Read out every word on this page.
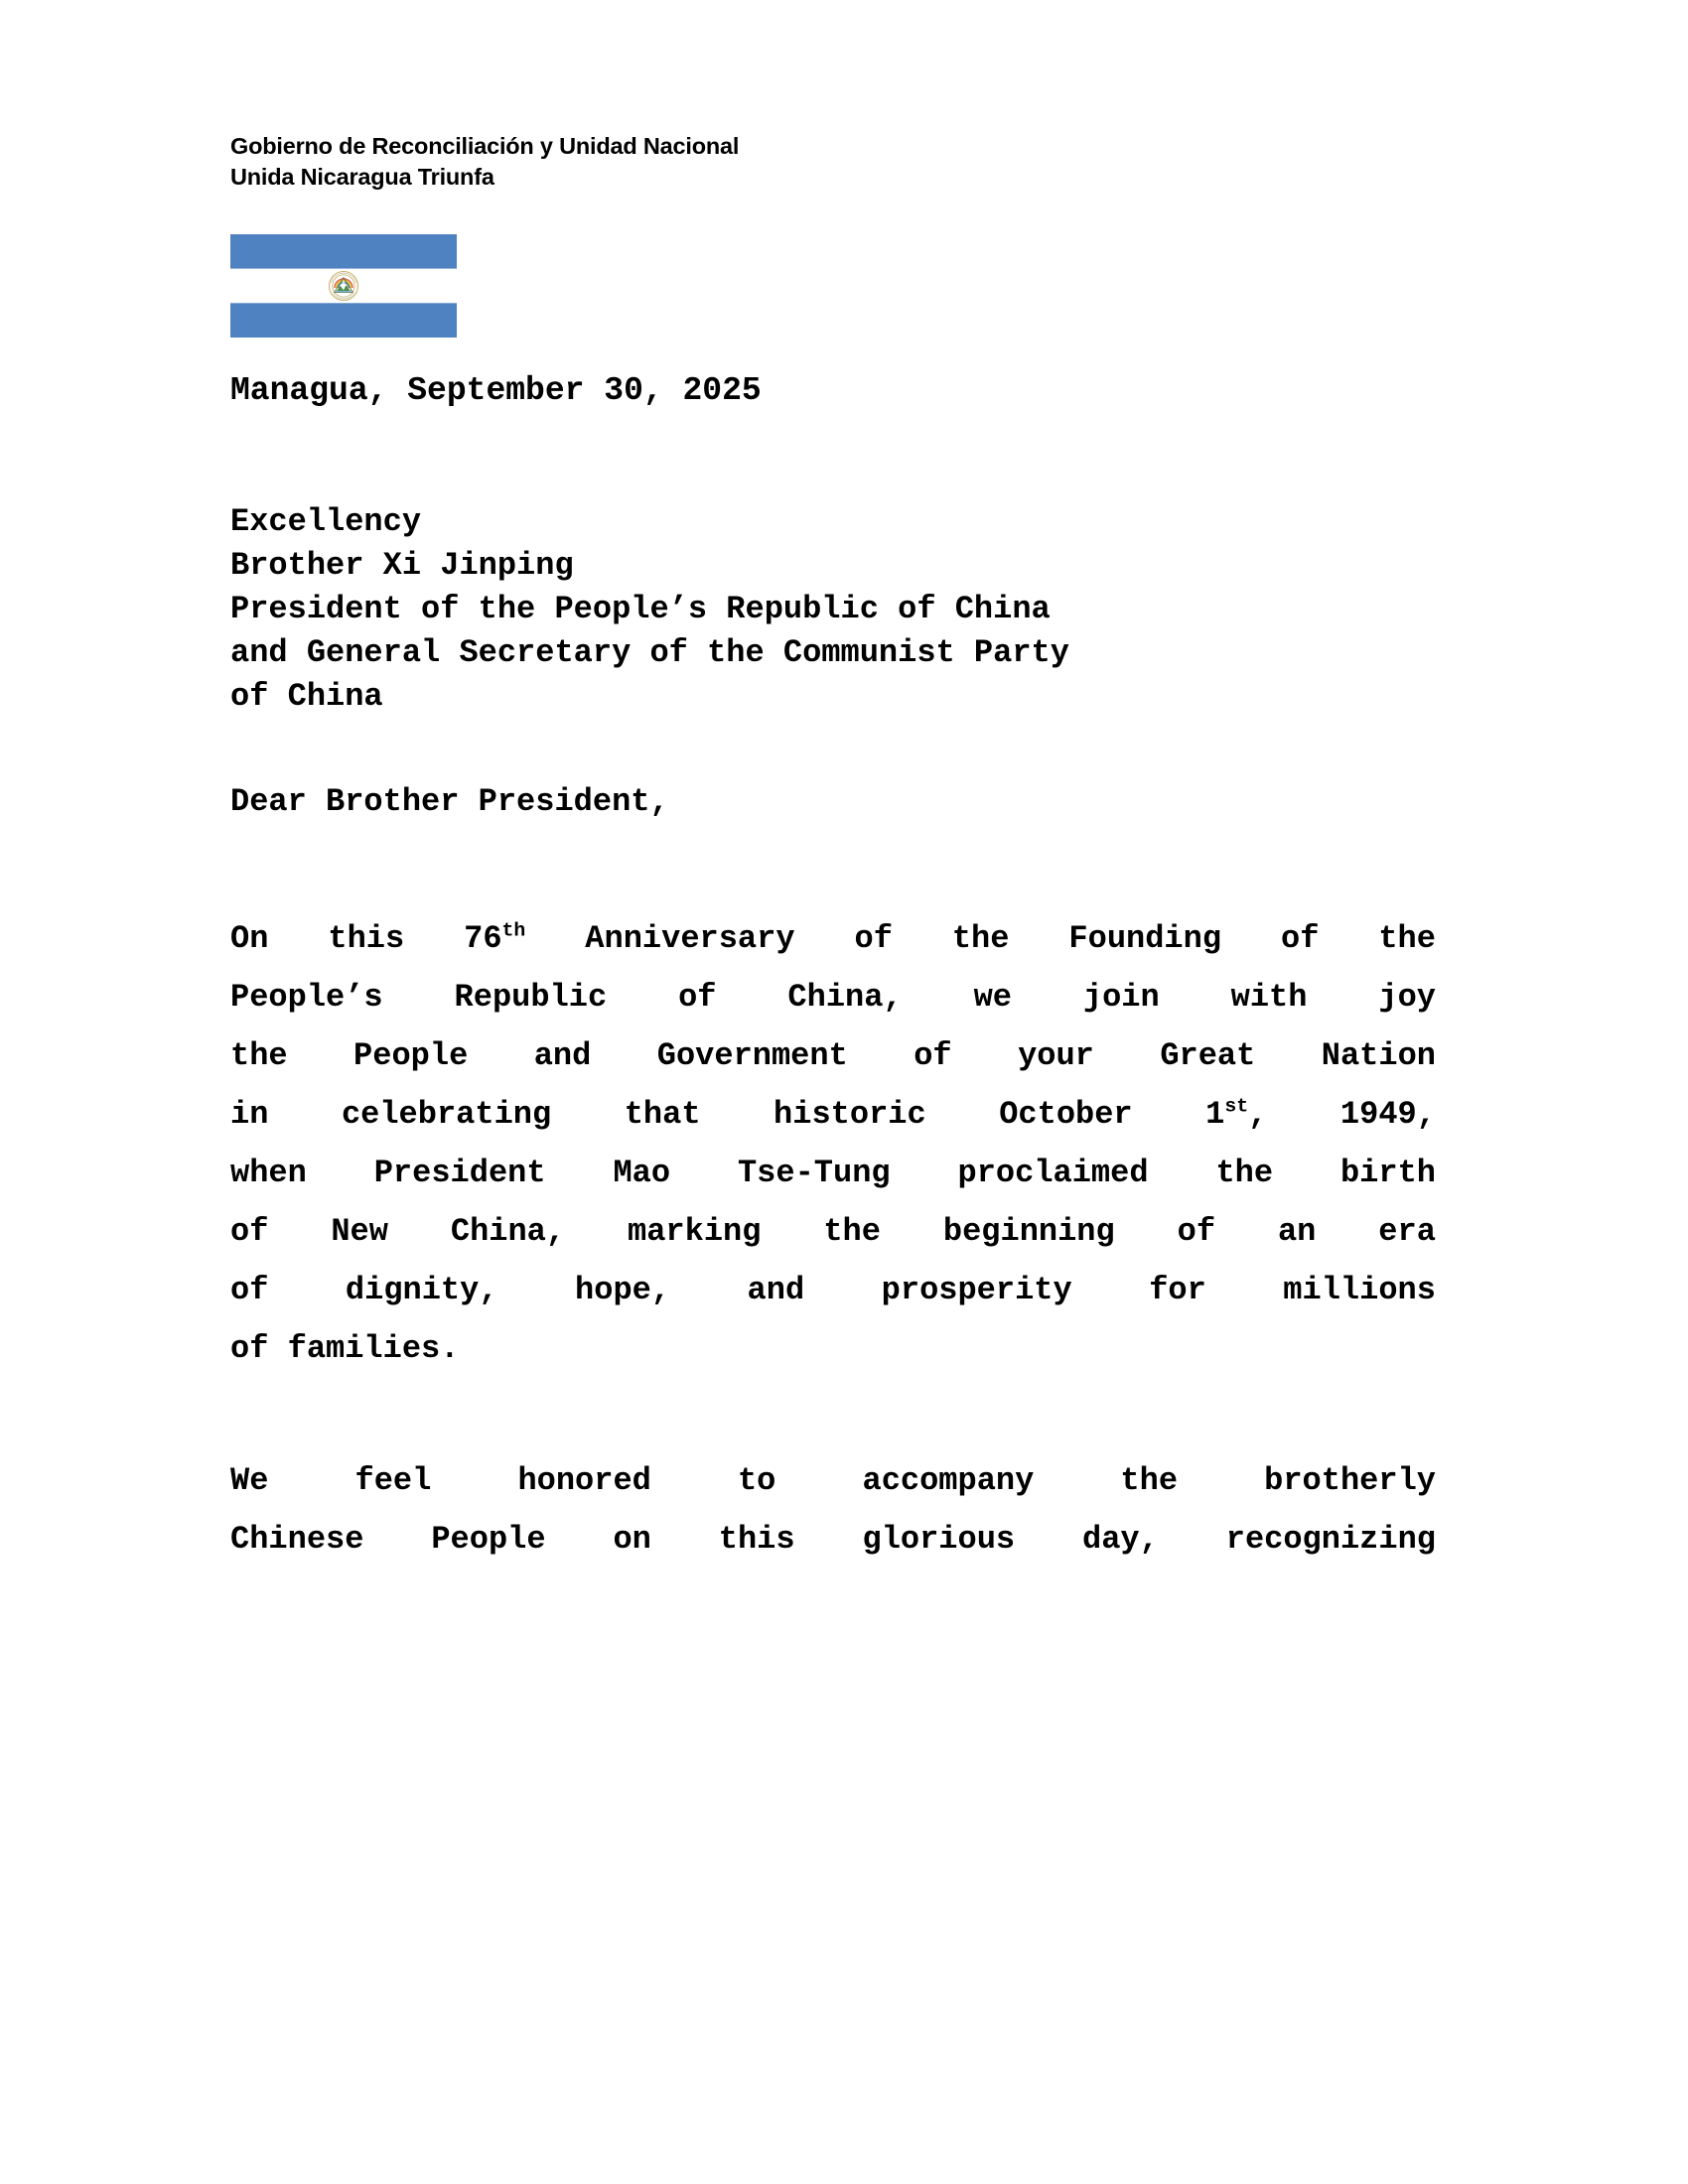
Gobierno de Reconciliación y Unidad Nacional
Unida Nicaragua Triunfa
Managua, September 30, 2025
Excellency
Brother Xi Jinping
President of the People’s Republic of China
and General Secretary of the Communist Party
of China
Dear Brother President,
On this 76th Anniversary of the Founding of the
People’s Republic of China, we join with joy
the People and Government of your Great Nation
in celebrating that historic October 1st, 1949,
when President Mao Tse-Tung proclaimed the birth
of New China, marking the beginning of an era
of dignity, hope, and prosperity for millions
of families.
We	feel	honored	to	accompany	the	brotherly
Chinese People on this glorious day, recognizing
